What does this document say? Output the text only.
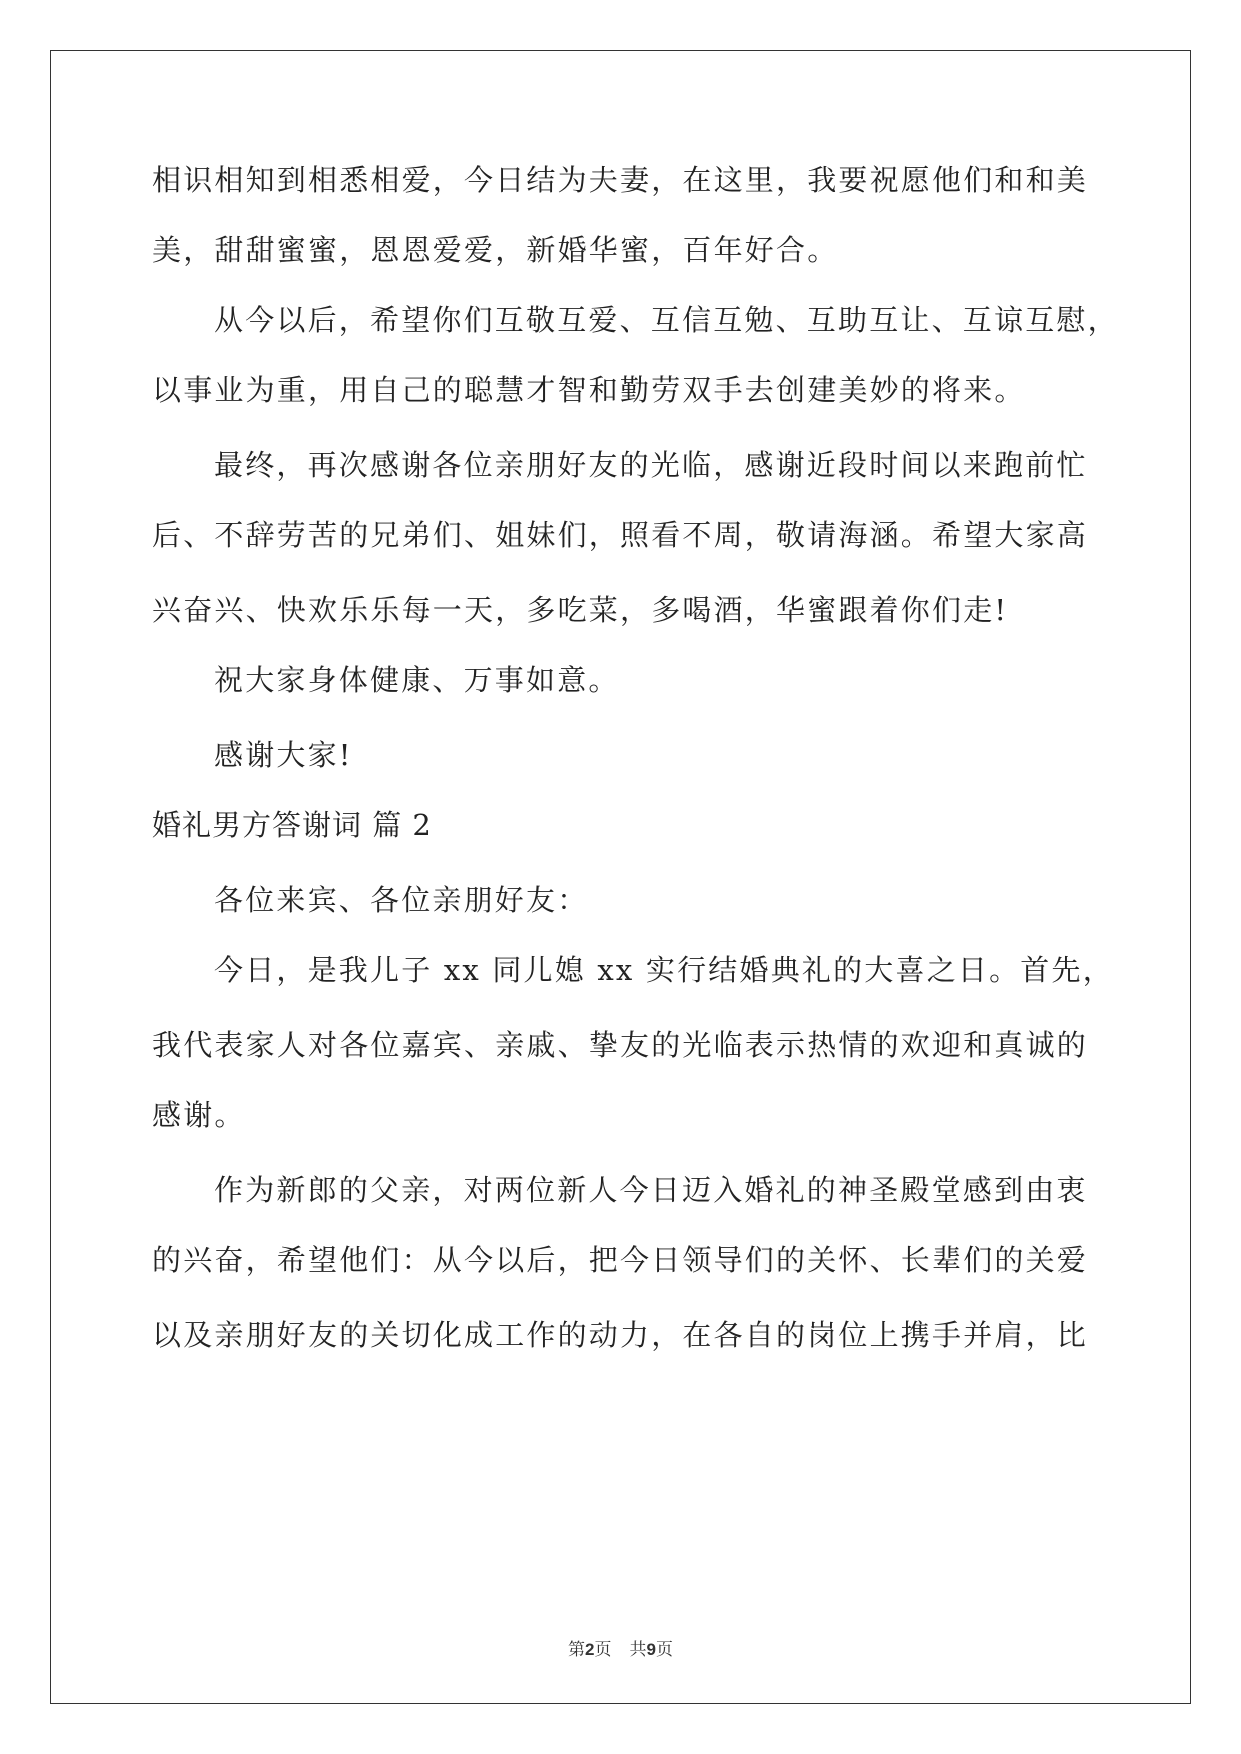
相识相知到相悉相爱，今日结为夫妻，在这里，我要祝愿他们和和美
美，甜甜蜜蜜，恩恩爱爱，新婚华蜜，百年好合。
从今以后，希望你们互敬互爱、互信互勉、互助互让、互谅互慰，
以事业为重，用自己的聪慧才智和勤劳双手去创建美妙的将来。
最终，再次感谢各位亲朋好友的光临，感谢近段时间以来跑前忙
后、不辞劳苦的兄弟们、姐妹们，照看不周，敬请海涵。希望大家高
兴奋兴、快欢乐乐每一天，多吃菜，多喝酒，华蜜跟着你们走!
祝大家身体健康、万事如意。
感谢大家!
婚礼男方答谢词 篇 2
各位来宾、各位亲朋好友：
今日，是我儿子 xx 同儿媳 xx 实行结婚典礼的大喜之日。首先，
我代表家人对各位嘉宾、亲戚、挚友的光临表示热情的欢迎和真诚的
感谢。
作为新郎的父亲，对两位新人今日迈入婚礼的神圣殿堂感到由衷
的兴奋，希望他们：从今以后，把今日领导们的关怀、长辈们的关爱
以及亲朋好友的关切化成工作的动力，在各自的岗位上携手并肩，比
第2页 共9页
